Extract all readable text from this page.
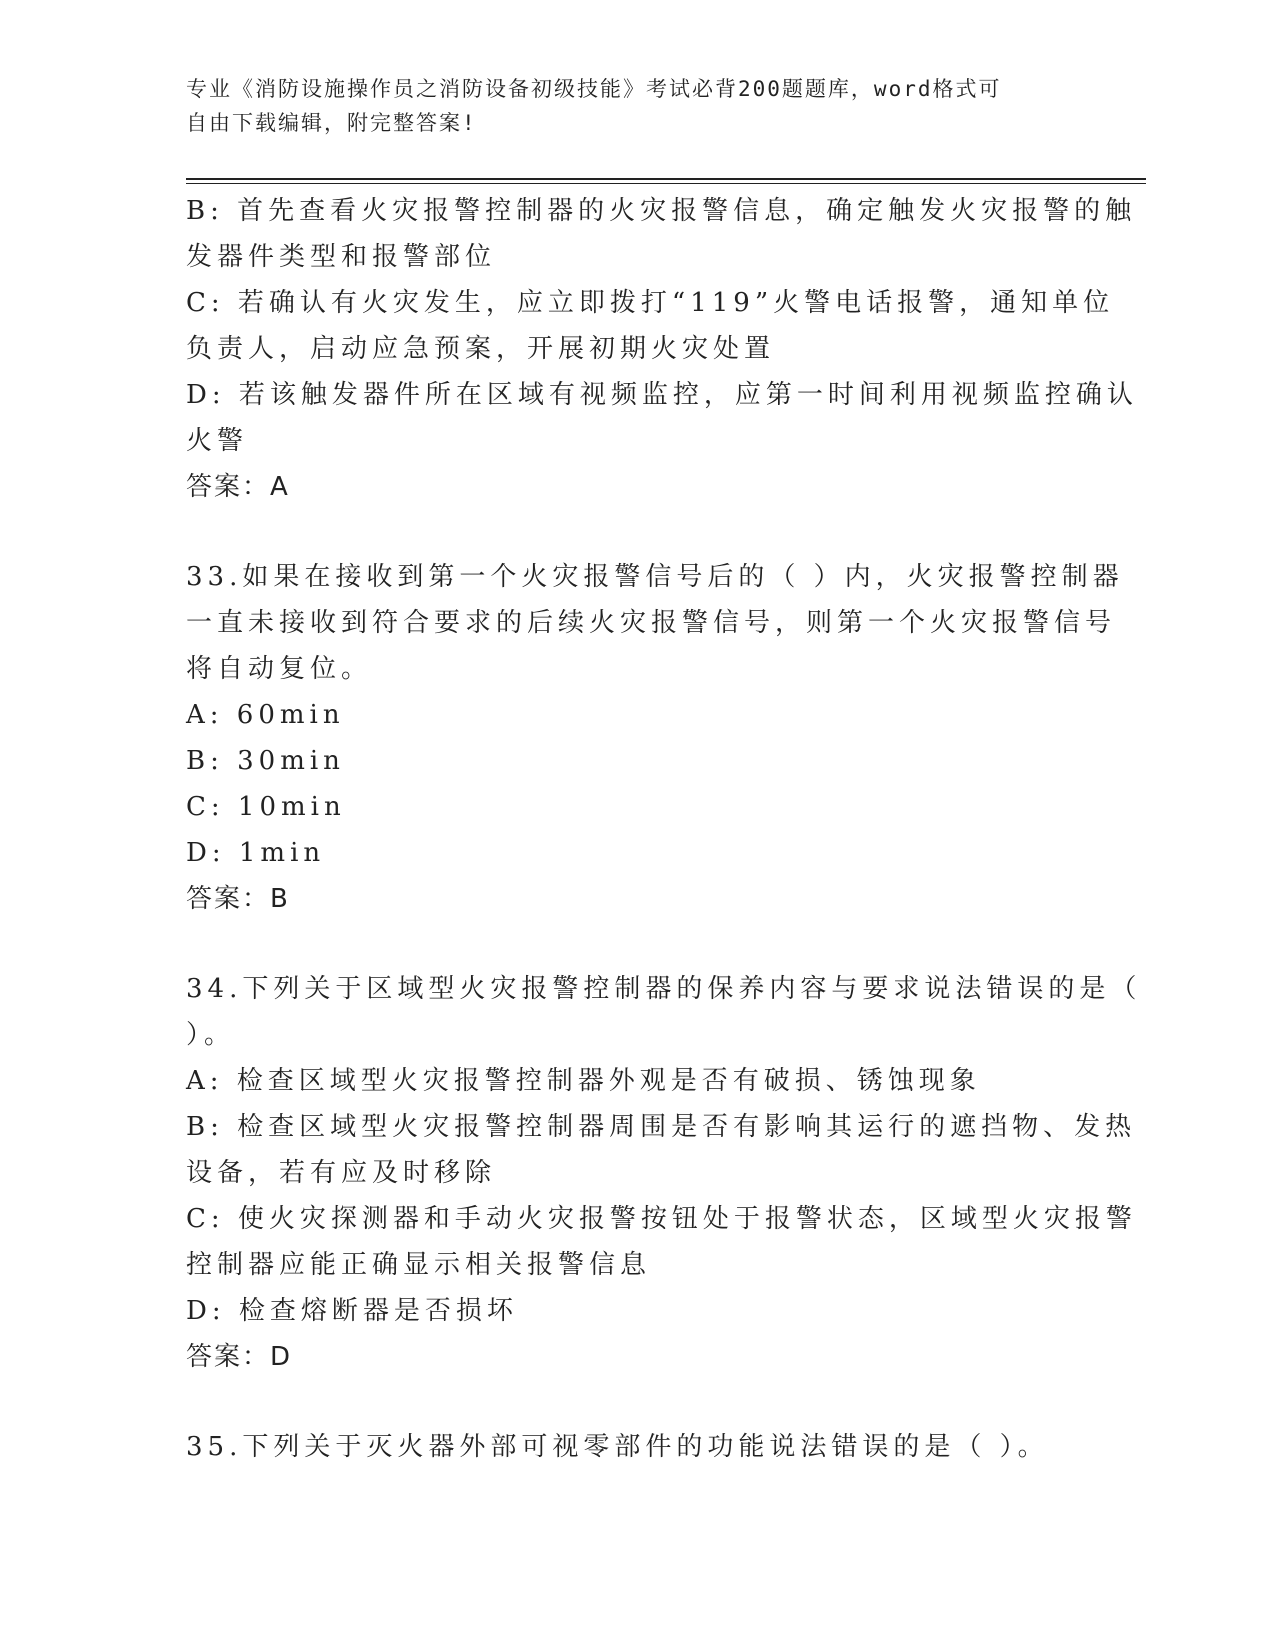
专业《消防设施操作员之消防设备初级技能》考试必背200题题库，word格式可
自由下载编辑，附完整答案!
B: 首先查看火灾报警控制器的火灾报警信息，确定触发火灾报警的触
发器件类型和报警部位
C: 若确认有火灾发生，应立即拨打“119”火警电话报警，通知单位
负责人，启动应急预案，开展初期火灾处置
D: 若该触发器件所在区域有视频监控，应第一时间利用视频监控确认
火警
答案：A
33.如果在接收到第一个火灾报警信号后的（ ）内，火灾报警控制器
一直未接收到符合要求的后续火灾报警信号，则第一个火灾报警信号
将自动复位。
A: 60min
B: 30min
C: 10min
D: 1min
答案：B
34.下列关于区域型火灾报警控制器的保养内容与要求说法错误的是（
）。
A: 检查区域型火灾报警控制器外观是否有破损、锈蚀现象
B: 检查区域型火灾报警控制器周围是否有影响其运行的遮挡物、发热
设备，若有应及时移除
C: 使火灾探测器和手动火灾报警按钮处于报警状态，区域型火灾报警
控制器应能正确显示相关报警信息
D: 检查熔断器是否损坏
答案：D
35.下列关于灭火器外部可视零部件的功能说法错误的是（ ）。
